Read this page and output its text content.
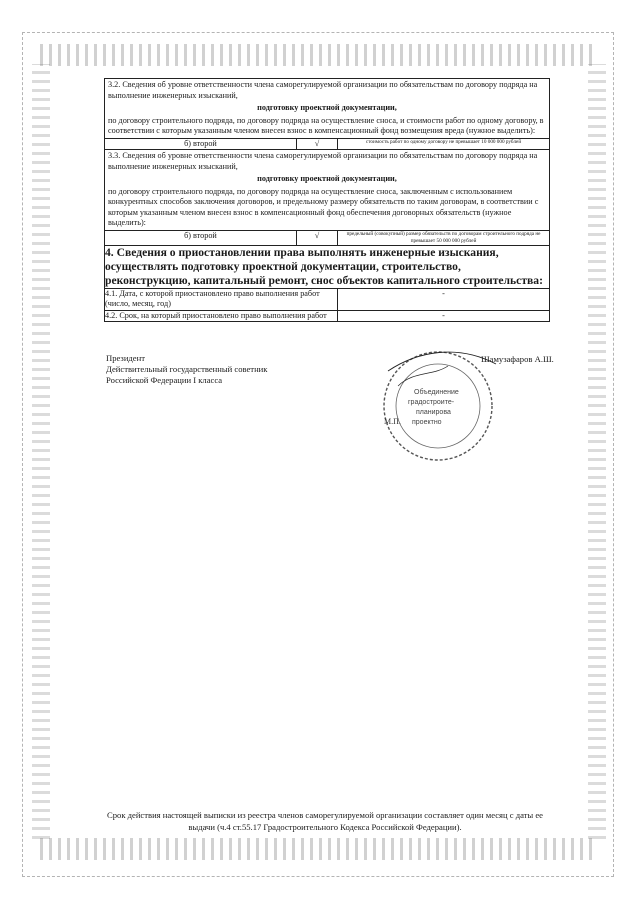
3.2. Сведения об уровне ответственности члена саморегулируемой организации по обязательствам по договору подряда на выполнение инженерных изысканий,
подготовку проектной документации,
по договору строительного подряда, по договору подряда на осуществление сноса, и стоимости работ по одному договору, в соответствии с которым указанным членом внесен взнос в компенсационный фонд возмещения вреда (нужное выделить):		

б) второй	√	стоимость работ по одному договору не превышает 10 000 000 рублей

3.3. Сведения об уровне ответственности члена саморегулируемой организации по обязательствам по договору подряда на выполнение инженерных изысканий,
подготовку проектной документации,
по договору строительного подряда, по договору подряда на осуществление сноса, заключенным с использованием конкурентных способов заключения договоров, и предельному размеру обязательств по таким договорам, в соответствии с которым указанным членом внесен взнос в компенсационный фонд обеспечения договорных обязательств (нужное выделить):		

б) второй	√	предельный (совокупный) размер обязательств по договорам строительного подряда не превышает 50 000 000 рублей
4. Сведения о приостановлении права выполнять инженерные изыскания, осуществлять подготовку проектной документации, строительство, реконструкцию, капитальный ремонт, снос объектов капитального строительства:		
4.1. Дата, с которой приостановлено право выполнения работ (число, месяц, год)		-
4.2. Срок, на который приостановлено право выполнения работ		-
Президент
Действительный государственный советник
Российской Федерации I класса
Шамузафаров А.Ш.
М.П.
Объединение
градостроите-
планирова
проектно
Срок действия настоящей выписки из реестра членов саморегулируемой организации составляет один месяц с даты ее выдачи (ч.4 ст.55.17 Градостроительного Кодекса Российской Федерации).
